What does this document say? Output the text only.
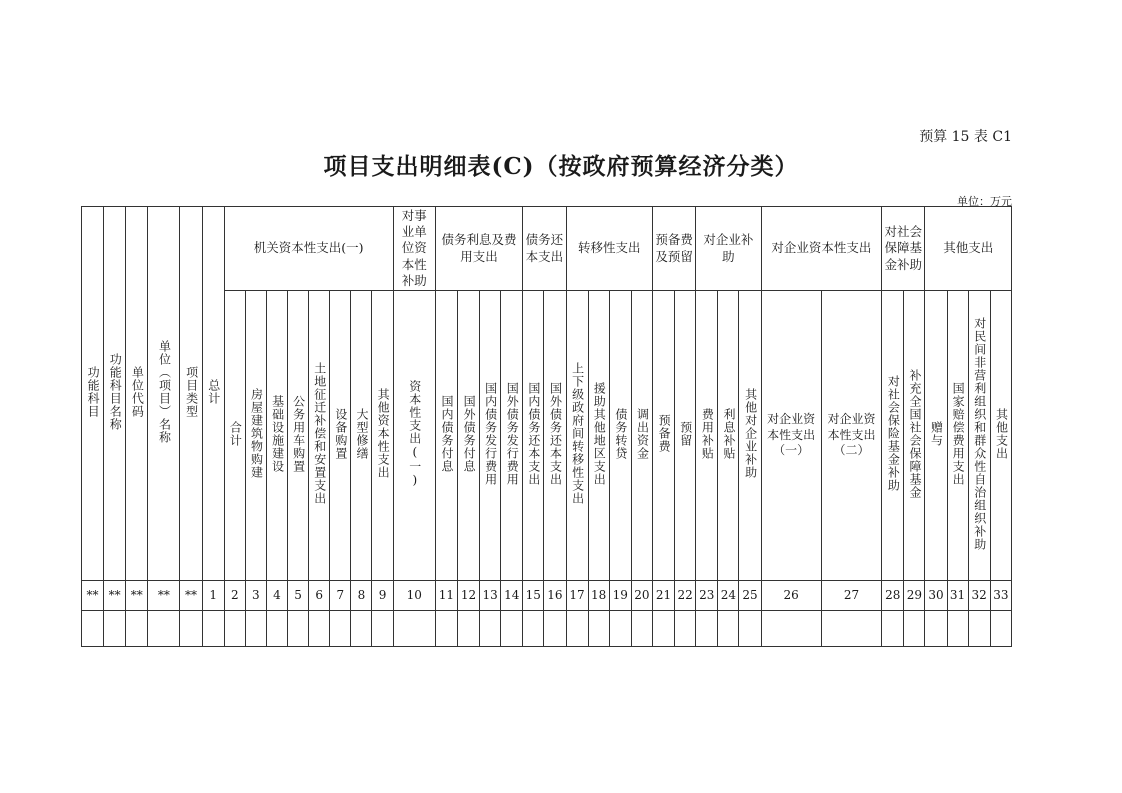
预算 15 表 C1
项目支出明细表(C)（按政府预算经济分类）
单位：万元
功能科目	功能科目名称	单位代码	单位（项目）名称	项目类型	总计	机关资本性支出(一)								对事业单位资本性补助	债务利息及费用支出				债务还本支出		转移性支出				预备费及预留		对企业补助			对企业资本性支出		对社会保障基金补助		其他支出			

						合计	房屋建筑物购建	基础设施建设	公务用车购置	土地征迁补偿和安置支出	设备购置	大型修缮	其他资本性支出	资本性支出(一)	国内债务付息	国外债务付息	国内债务发行费用	国外债务发行费用	国内债务还本支出	国外债务还本支出	上下级政府间转移性支出	援助其他地区支出	债务转贷	调出资金	预备费	预留	费用补贴	利息补贴	其他对企业补助	对企业资本性支出（一）	对企业资本性支出（二）	对社会保险基金补助	补充全国社会保障基金	赠与	国家赔偿费用支出	对民间非营利组织和群众性自治组织补助	其他支出
**	**	**	**	**	1	2	3	4	5	6	7	8	9	10	11	12	13	14	15	16	17	18	19	20	21	22	23	24	25	26	27	28	29	30	31	32	33
